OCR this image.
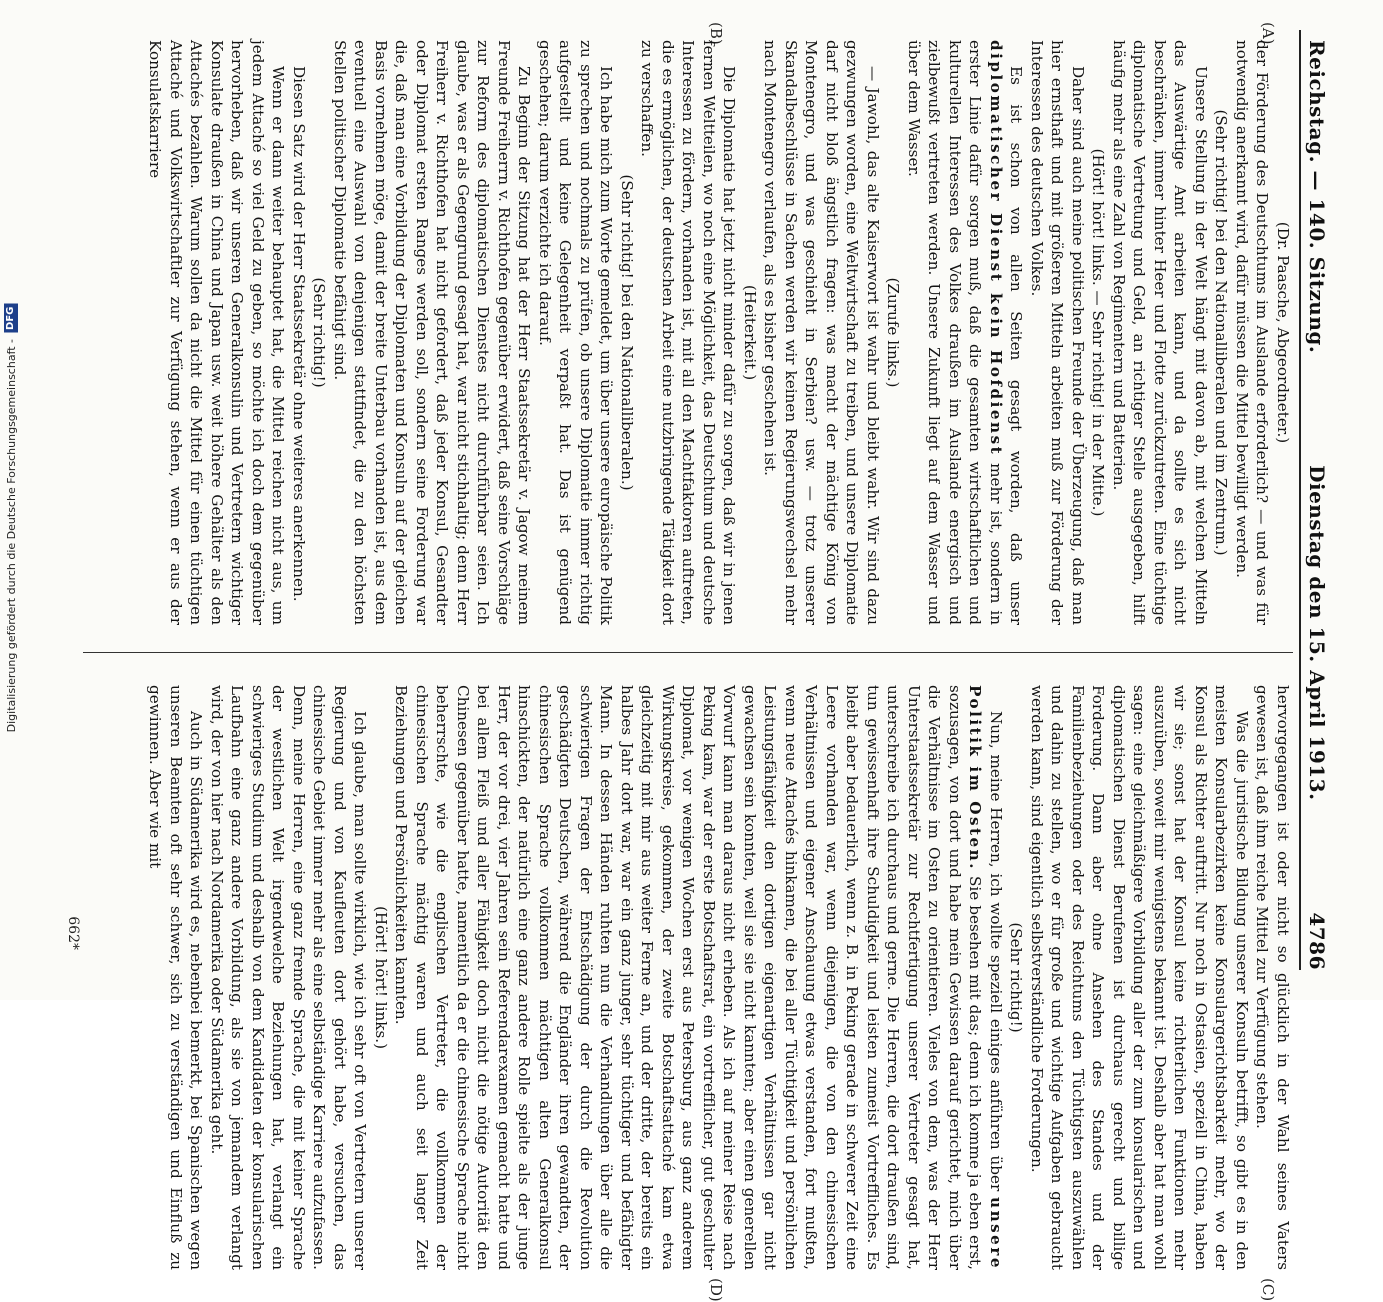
Reichstag. — 140. Sitzung.
Dienstag den 15. April 1913.
4786
(A)
(B)
(C)
(D)

(Dr. Paasche, Abgeordneter.)

der Förderung des Deutschtums im Auslande erforderlich? — und was für notwendig anerkannt wird, dafür müssen die Mittel bewilligt werden.

(Sehr richtig! bei den Nationalliberalen und im Zentrum.)

Unsere Stellung in der Welt hängt mit davon ab, mit welchen Mitteln das Auswärtige Amt arbeiten kann, und da sollte es sich nicht beschränken, immer hinter Heer und Flotte zurückzutreten. Eine tüchtige diplomatische Vertretung und Geld, an richtiger Stelle ausgegeben, hilft häufig mehr als eine Zahl von Regimentern und Batterien.

(Hört! hört! links. — Sehr richtig! in der Mitte.)

Daher sind auch meine politischen Freunde der Überzeugung, daß man hier ernsthaft und mit größeren Mitteln arbeiten muß zur Förderung der Interessen des deutschen Volkes.

Es ist schon von allen Seiten gesagt worden, daß unser diplomatischer Dienst kein Hofdienst mehr ist, sondern in erster Linie dafür sorgen muß, daß die gesamten wirtschaftlichen und kulturellen Interessen des Volkes draußen im Auslande energisch und zielbewußt vertreten werden. Unsere Zukunft liegt auf dem Wasser und über dem Wasser.

(Zurufe links.)

— Jawohl, das alte Kaiserwort ist wahr und bleibt wahr. Wir sind dazu gezwungen worden, eine Weltwirtschaft zu treiben, und unsere Diplomatie darf nicht bloß ängstlich fragen: was macht der mächtige König von Montenegro, und was geschieht in Serbien? usw. — trotz unserer Skandalbeschlüsse in Sachen werden wir keinen Regierungswechsel mehr nach Montenegro verlaufen, als es bisher geschehen ist.

(Heiterkeit.)

Die Diplomatie hat jetzt nicht minder dafür zu sorgen, daß wir in jenen fernen Weltteilen, wo noch eine Möglichkeit, das Deutschtum und deutsche Interessen zu fördern, vorhanden ist, mit all den Machtfaktoren auftreten, die es ermöglichen, der deutschen Arbeit eine nutzbringende Tätigkeit dort zu verschaffen.

(Sehr richtig! bei den Nationalliberalen.)

Ich habe mich zum Worte gemeldet, um über unsere europäische Politik zu sprechen und nochmals zu prüfen, ob unsere Diplomatie immer richtig aufgestellt und keine Gelegenheit verpaßt hat. Das ist genügend geschehen; darum verzichte ich darauf.

Zu Beginn der Sitzung hat der Herr Staatssekretär v. Jagow meinem Freunde Freiherrn v. Richthofen gegenüber erwidert, daß seine Vorschläge zur Reform des diplomatischen Dienstes nicht durchführbar seien. Ich glaube, was er als Gegengrund gesagt hat, war nicht stichhaltig; denn Herr Freiherr v. Richthofen hat nicht gefordert, daß jeder Konsul, Gesandter oder Diplomat ersten Ranges werden soll, sondern seine Forderung war die, daß man eine Vorbildung der Diplomaten und Konsuln auf der gleichen Basis vornehmen möge, damit der breite Unterbau vorhanden ist, aus dem eventuell eine Auswahl von denjenigen stattfindet, die zu den höchsten Stellen politischer Diplomatie befähigt sind.

(Sehr richtig!)

Diesen Satz wird der Herr Staatssekretär ohne weiteres anerkennen.

Wenn er dann weiter behauptet hat, die Mittel reichen nicht aus, um jedem Attaché so viel Geld zu geben, so möchte ich doch dem gegenüber hervorheben, daß wir unseren Generalkonsulin und Vertretern wichtiger Konsulate draußen in China und Japan usw. weit höhere Gehälter als den Attachés bezahlen. Warum sollen da nicht die Mittel für einen tüchtigen Attaché und Volkswirtschaftler zur Verfügung stehen, wenn er aus der Konsulatskarriere

hervorgegangen ist oder nicht so glücklich in der Wahl seines Vaters gewesen ist, daß ihm reiche Mittel zur Verfügung stehen.

Was die juristische Bildung unserer Konsuln betrifft, so gibt es in den meisten Konsularbezirken keine Konsulargerichtsbarkeit mehr, wo der Konsul als Richter auftritt. Nur noch in Ostasien, speziell in China, haben wir sie; sonst hat der Konsul keine richterlichen Funktionen mehr auszuüben, soweit mir wenigstens bekannt ist. Deshalb aber hat man wohl sagen: eine gleichmäßigere Vorbildung aller der zum konsularischen und diplomatischen Dienst Berufenen ist durchaus gerecht und billige Forderung. Dann aber ohne Ansehen des Standes und der Familienbeziehungen oder des Reichtums den Tüchtigsten auszuwählen und dahin zu stellen, wo er für große und wichtige Aufgaben gebraucht werden kann, sind eigentlich selbstverständliche Forderungen.

(Sehr richtig!)

Nun, meine Herren, ich wollte speziell einiges anführen über unsere Politik im Osten. Sie besehen mit das; denn ich komme ja eben erst, sozusagen, von dort und habe mein Gewissen darauf gerichtet, mich über die Verhältnisse im Osten zu orientieren. Vieles von dem, was der Herr Unterstaatssekretär zur Rechtfertigung unserer Vertreter gesagt hat, unterschreibe ich durchaus und gerne. Die Herren, die dort draußen sind, tun gewissenhaft ihre Schuldigkeit und leisten zumeist Vortreffliches. Es bleibt aber bedauerlich, wenn z. B. in Peking gerade in schwerer Zeit eine Leere vorhanden war, wenn diejenigen, die von den chinesischen Verhältnissen und eigener Anschauung etwas verstanden, fort mußten, wenn neue Attachés hinkamen, die bei aller Tüchtigkeit und persönlichen Leistungsfähigkeit den dortigen eigenartigen Verhältnissen gar nicht gewachsen sein konnten, weil sie sie nicht kannten; aber einen generellen Vorwurf kann man daraus nicht erheben. Als ich auf meiner Reise nach Peking kam, war der erste Botschaftsrat, ein vortrefflicher, gut geschulter Diplomat, vor wenigen Wochen erst aus Petersburg, aus ganz anderem Wirkungskreise, gekommen, der zweite Botschaftsattaché kam etwa gleichzeitig mit mir aus weiter Ferne an, und der dritte, der bereits ein halbes Jahr dort war, war ein ganz junger, sehr tüchtiger und befähigter Mann. In dessen Händen ruhten nun die Verhandlungen über alle die schwierigen Fragen der Entschädigung der durch die Revolution geschädigten Deutschen, während die Engländer ihren gewandten, der chinesischen Sprache vollkommen mächtigen alten Generalkonsul hinschickten, der natürlich eine ganz andere Rolle spielte als der junge Herr, der vor drei, vier Jahren sein Referendarexamen gemacht hatte und bei allem Fleiß und aller Fähigkeit doch nicht die nötige Autorität den Chinesen gegenüber hatte, namentlich da er die chinesische Sprache nicht beherrschte, wie die englischen Vertreter, die vollkommen der chinesischen Sprache mächtig waren und auch seit langer Zeit Beziehungen und Persönlichkeiten kannten.

(Hört! hört! links.)

Ich glaube, man sollte wirklich, wie ich sehr oft von Vertretern unserer Regierung und von Kaufleuten dort gehört habe, versuchen, das chinesische Gebiet immer mehr als eine selbständige Karriere aufzufassen. Denn, meine Herren, eine ganz fremde Sprache, die mit keiner Sprache der westlichen Welt irgendwelche Beziehungen hat, verlangt ein schwieriges Studium und deshalb von dem Kandidaten der konsularischen Laufbahn eine ganz andere Vorbildung, als sie von jemandem verlangt wird, der von hier nach Nordamerika oder Südamerika geht.

Auch in Südamerika wird es, nebenbei bemerkt, bei Spanischen wegen unseren Beamten oft sehr schwer, sich zu verständigen und Einfluß zu gewinnen. Aber wie mit

662*
Digitalisierung gefördert durch die Deutsche Forschungsgemeinschaft -
DFG
